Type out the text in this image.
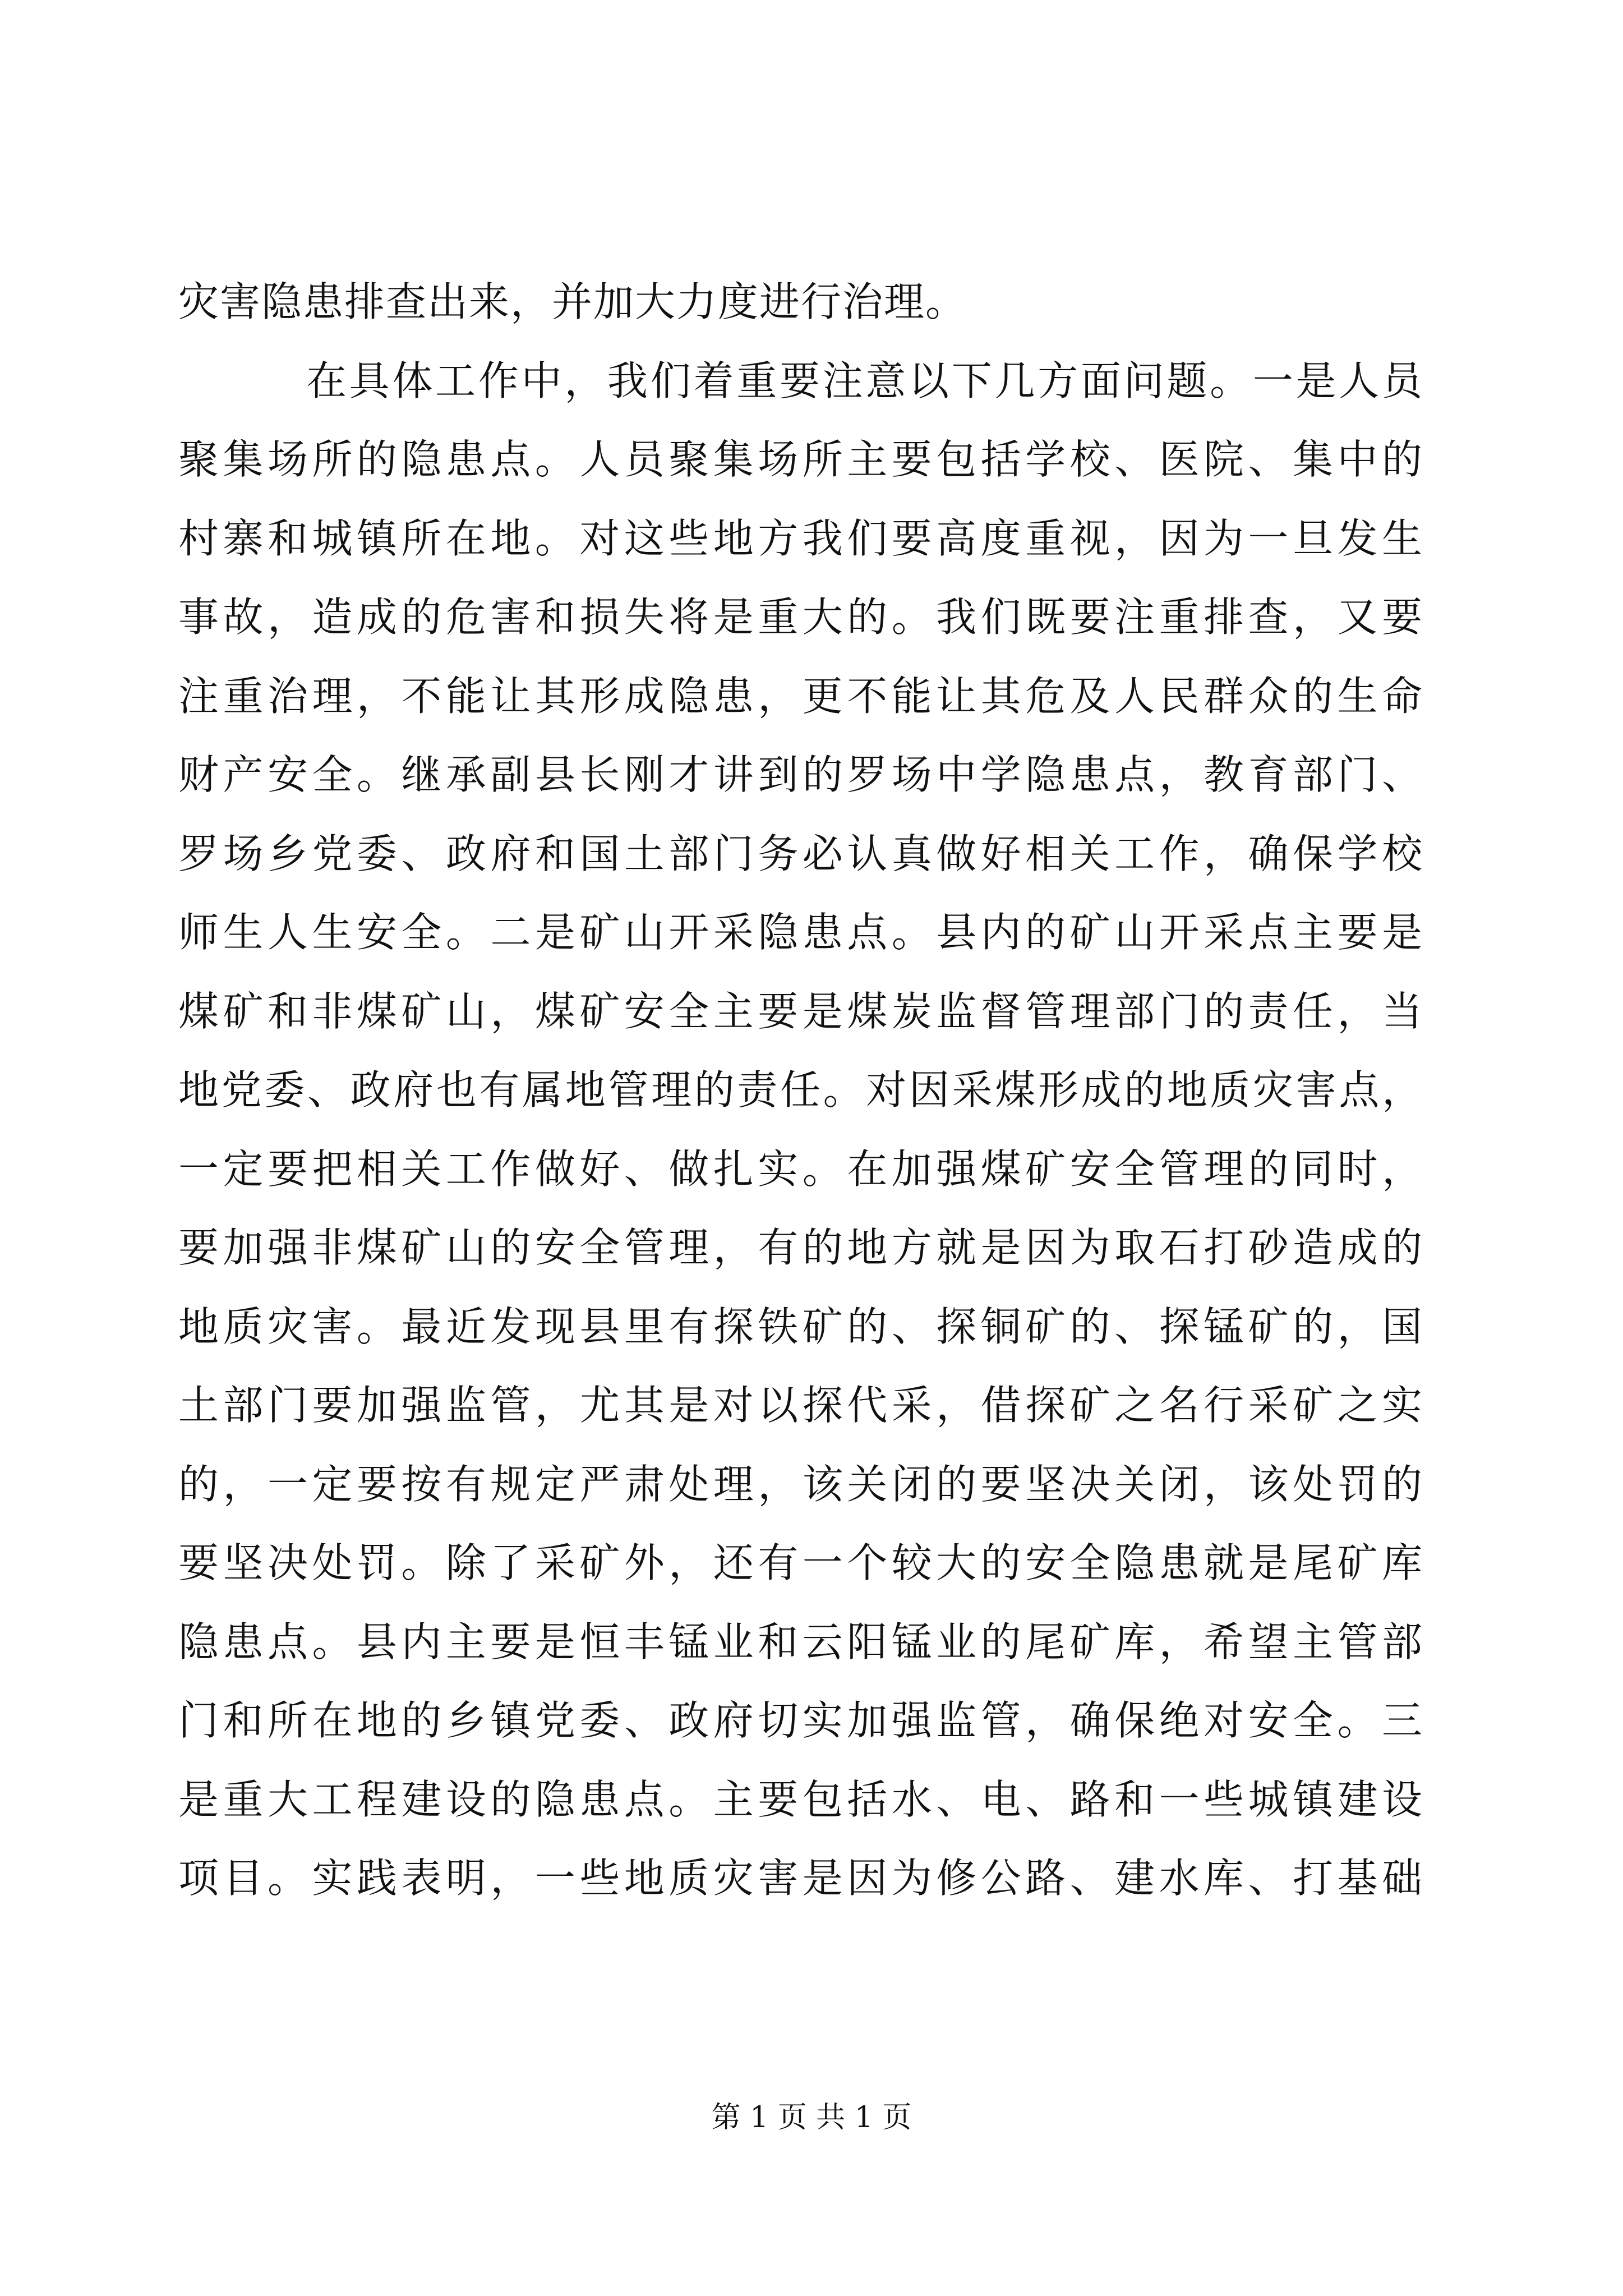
灾害隐患排查出来，并加大力度进行治理。
在具体工作中，我们着重要注意以下几方面问题。一是人员
聚集场所的隐患点。人员聚集场所主要包括学校、医院、集中的
村寨和城镇所在地。对这些地方我们要高度重视，因为一旦发生
事故，造成的危害和损失将是重大的。我们既要注重排查，又要
注重治理，不能让其形成隐患，更不能让其危及人民群众的生命
财产安全。继承副县长刚才讲到的罗场中学隐患点，教育部门、
罗场乡党委、政府和国土部门务必认真做好相关工作，确保学校
师生人生安全。二是矿山开采隐患点。县内的矿山开采点主要是
煤矿和非煤矿山，煤矿安全主要是煤炭监督管理部门的责任，当
地党委、政府也有属地管理的责任。对因采煤形成的地质灾害点，
一定要把相关工作做好、做扎实。在加强煤矿安全管理的同时，
要加强非煤矿山的安全管理，有的地方就是因为取石打砂造成的
地质灾害。最近发现县里有探铁矿的、探铜矿的、探锰矿的，国
土部门要加强监管，尤其是对以探代采，借探矿之名行采矿之实
的，一定要按有规定严肃处理，该关闭的要坚决关闭，该处罚的
要坚决处罚。除了采矿外，还有一个较大的安全隐患就是尾矿库
隐患点。县内主要是恒丰锰业和云阳锰业的尾矿库，希望主管部
门和所在地的乡镇党委、政府切实加强监管，确保绝对安全。三
是重大工程建设的隐患点。主要包括水、电、路和一些城镇建设
项目。实践表明，一些地质灾害是因为修公路、建水库、打基础
第 1 页 共 1 页
